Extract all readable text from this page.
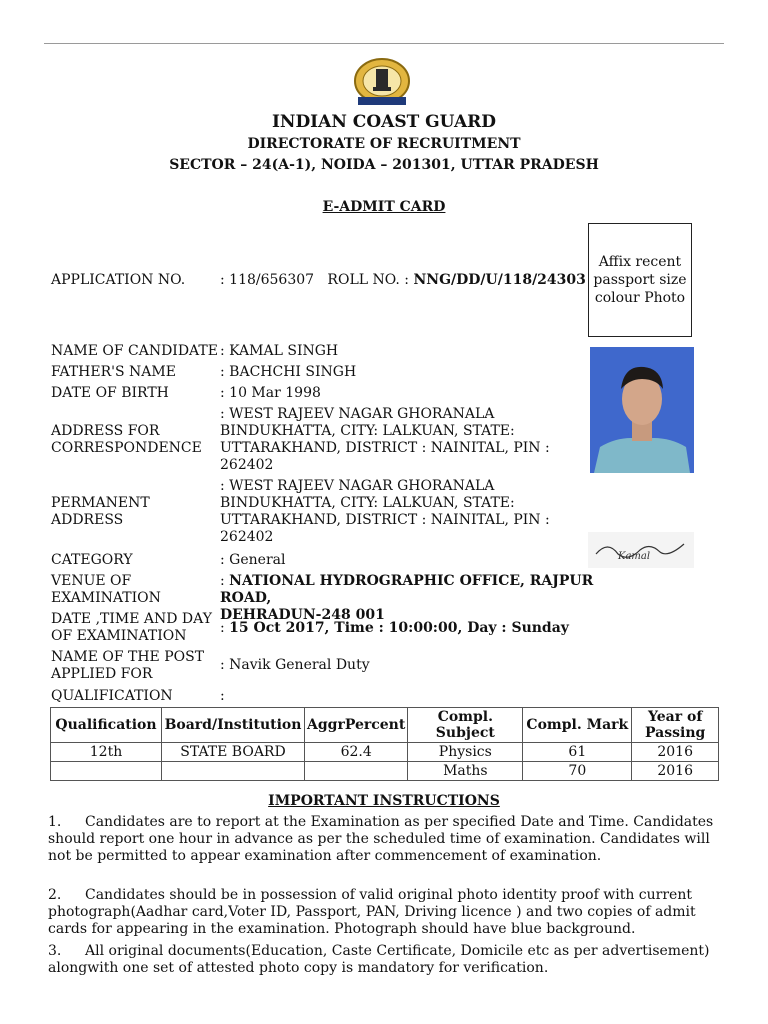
INDIAN COAST GUARD
DIRECTORATE OF RECRUITMENT
SECTOR – 24(A-1), NOIDA – 201301, UTTAR PRADESH
E-ADMIT CARD
Affix recent
passport size
colour Photo
Kamal
APPLICATION NO.	: 118/656307 ROLL NO. : NNG/DD/U/118/24303
NAME OF CANDIDATE : KAMAL SINGH
FATHER'S NAME	: BACHCHI SINGH
DATE OF BIRTH	: 10 Mar 1998
ADDRESS FOR
CORRESPONDENCE
: WEST RAJEEV NAGAR GHORANALA
BINDUKHATTA, CITY: LALKUAN, STATE:
UTTARAKHAND, DISTRICT : NAINITAL, PIN :
262402
PERMANENT
ADDRESS
: WEST RAJEEV NAGAR GHORANALA
BINDUKHATTA, CITY: LALKUAN, STATE:
UTTARAKHAND, DISTRICT : NAINITAL, PIN :
262402
CATEGORY	: General
VENUE OF
EXAMINATION
: NATIONAL HYDROGRAPHIC OFFICE, RAJPUR ROAD,
DEHRADUN-248 001
DATE ,TIME AND DAY
OF EXAMINATION	: 15 Oct 2017, Time : 10:00:00, Day : Sunday
NAME OF THE POST
APPLIED FOR
: Navik General Duty
QUALIFICATION	:
Qualification	Board/Institution	AggrPercent	Compl. Subject	Compl. Mark	Year of Passing
12th	STATE BOARD	62.4	Physics	61	2016
			Maths	70	2016
IMPORTANT INSTRUCTIONS
1. Candidates are to report at the Examination as per specified Date and Time. Candidates should report one hour in advance as per the scheduled time of examination. Candidates will not be permitted to appear examination after commencement of examination.
2. Candidates should be in possession of valid original photo identity proof with current photograph(Aadhar card,Voter ID, Passport, PAN, Driving licence ) and two copies of admit cards for appearing in the examination. Photograph should have blue background.
3. All original documents(Education, Caste Certificate, Domicile etc as per advertisement) alongwith one set of attested photo copy is mandatory for verification.
